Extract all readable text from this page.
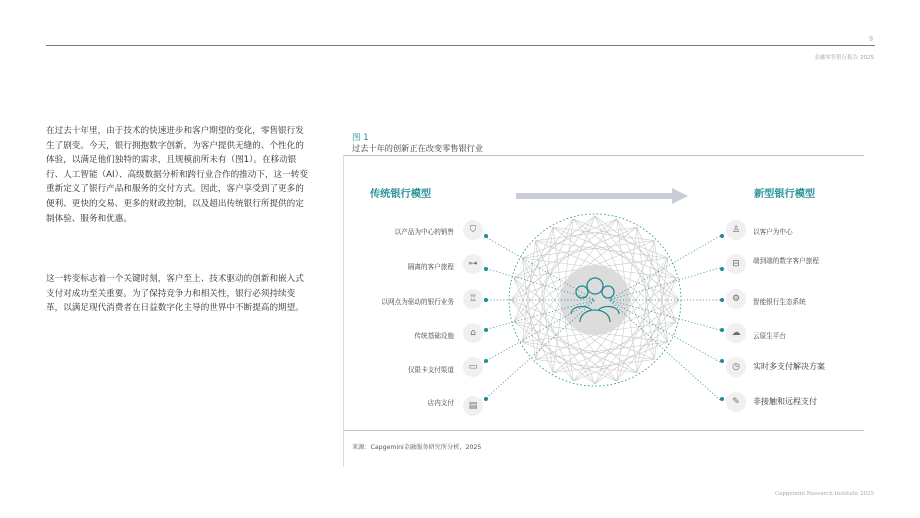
9
金融零售银行报告 2025
在过去十年里，由于技术的快速进步和客户期望的变化，零售银行发生了剧变。今天，银行拥抱数字创新，为客户提供无缝的、个性化的体验，以满足他们独特的需求，且规模前所未有（图1）。在移动银行、人工智能（AI）、高级数据分析和跨行业合作的推动下，这一转变重新定义了银行产品和服务的交付方式。因此，客户享受到了更多的便利、更快的交易、更多的财政控制，以及超出传统银行所提供的定制体验、服务和优惠。
这一转变标志着一个关键时刻，客户至上、技术驱动的创新和嵌入式支付对成功至关重要。为了保持竞争力和相关性，银行必须持续变革，以满足现代消费者在日益数字化主导的世界中不断提高的期望。
图 1
过去十年的创新正在改变零售银行业
传统银行模型	新型银行模型
以产品为中心的销售	⛉
隔离的客户旅程	⊶
以网点为驱动的银行业务	♖
传统基础设施	⌂
仅限卡支付渠道	▭
店内支付	▤
♙	以客户为中心
⊟	端到端的数字客户旅程
⚙	智能银行生态系统
☁	云原生平台
◷	实时多支付解决方案
✎	非接触和远程支付
来源：Capgemini金融服务研究所分析，2025
Capgemini Research Institute 2025
